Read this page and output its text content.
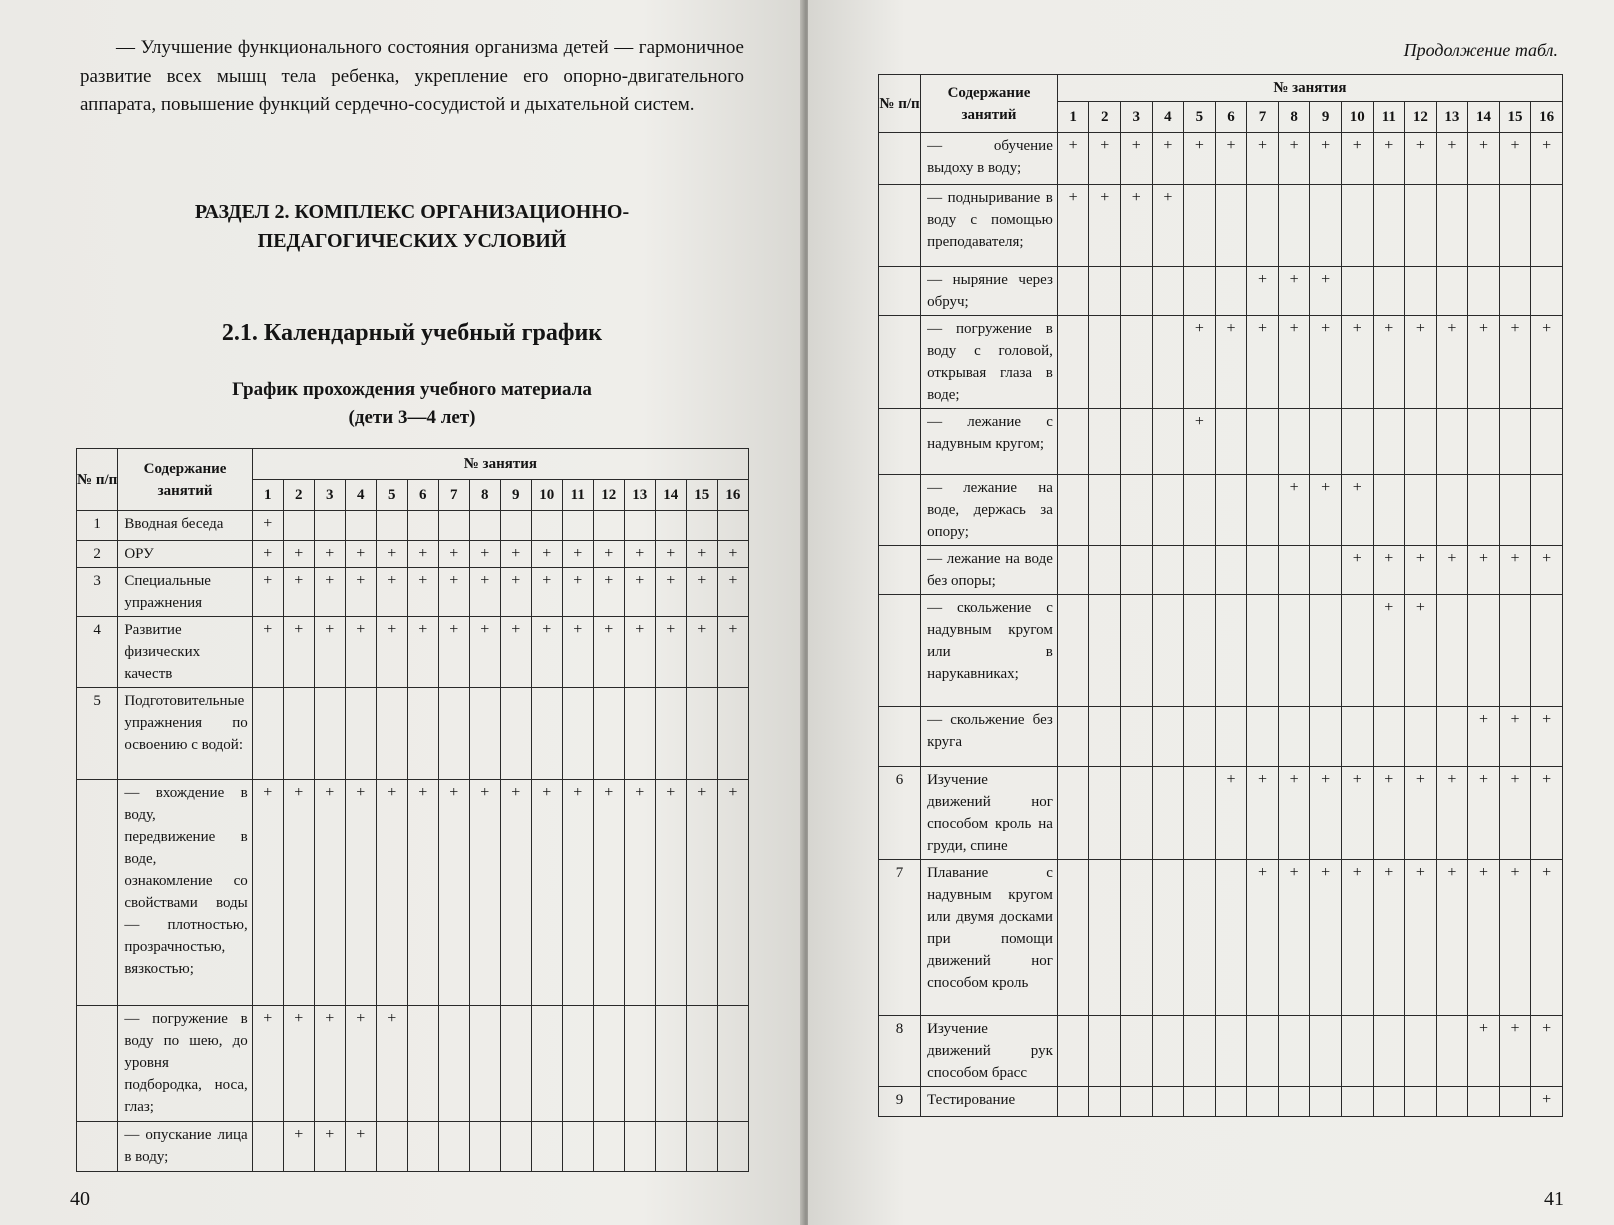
— Улучшение функционального состояния организма детей — гармоничное развитие всех мышц тела ребенка, укрепление его опорно-двигательного аппарата, повышение функций сердечно-сосудистой и дыхательной систем.

РАЗДЕЛ 2. КОМПЛЕКС ОРГАНИЗАЦИОННО-
ПЕДАГОГИЧЕСКИХ УСЛОВИЙ
2.1. Календарный учебный график
График прохождения учебного материала
(дети 3—4 лет)
№ п/п	Содержание занятий	№ занятия															
		1	2	3	4	5	6	7	8	9	10	11	12	13	14	15	16
1	Вводная беседа	+															
2	ОРУ	+	+	+	+	+	+	+	+	+	+	+	+	+	+	+	+
3	Специальные упражнения	+	+	+	+	+	+	+	+	+	+	+	+	+	+	+	+
4	Развитие физических качеств	+	+	+	+	+	+	+	+	+	+	+	+	+	+	+	+
5	Подготовительные упражнения по освоению с водой:																
	— вхождение в воду, передвижение в воде, ознакомление со свойствами воды — плотностью, прозрачностью, вязкостью;	+	+	+	+	+	+	+	+	+	+	+	+	+	+	+	+
	— погружение в воду по шею, до уровня подбородка, носа, глаз;	+	+	+	+	+											
	— опускание лица в воду;		+	+	+												
40
Продолжение табл.
№ п/п	Содержание занятий	№ занятия															
		1	2	3	4	5	6	7	8	9	10	11	12	13	14	15	16
	— обучение выдоху в воду;	+	+	+	+	+	+	+	+	+	+	+	+	+	+	+	+
	— подныривание в воду с помощью преподавателя;	+	+	+	+												
	— ныряние через обруч;							+	+	+							
	— погружение в воду с головой, открывая глаза в воде;					+	+	+	+	+	+	+	+	+	+	+	+
	— лежание с надувным кругом;					+											
	— лежание на воде, держась за опору;								+	+	+						
	— лежание на воде без опоры;										+	+	+	+	+	+	+
	— скольжение с надувным кругом или в нарукавниках;											+	+				
	— скольжение без круга														+	+	+
6	Изучение движений ног способом кроль на груди, спине						+	+	+	+	+	+	+	+	+	+	+
7	Плавание с надувным кругом или двумя досками при помощи движений ног способом кроль							+	+	+	+	+	+	+	+	+	+
8	Изучение движений рук способом брасс														+	+	+
9	Тестирование																+
41
